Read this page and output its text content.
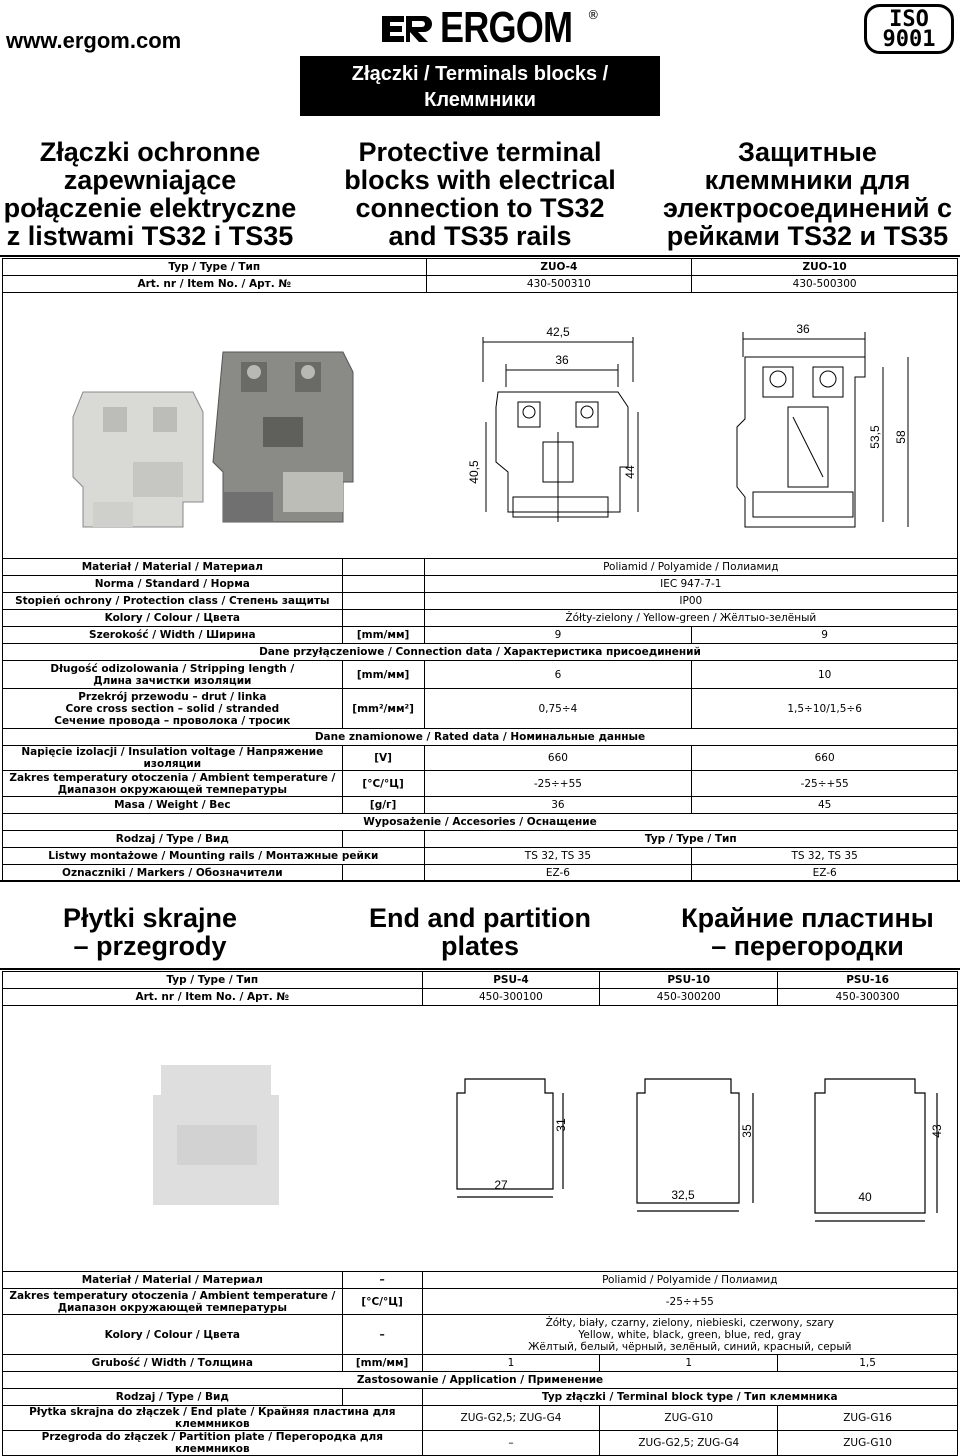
www.ergom.com	ERGOM ®	ISO
9001
Złączki / Terminals blocks /
Клеммники
Złączki ochronne
zapewniające
połączenie elektryczne
z listwami TS32 i TS35
Protective terminal
blocks with electrical
connection to TS32
and TS35 rails
Защитные
клеммники для
электросоединений с
рейками TS32 и TS35
Typ / Type / Тип	ZUO-4	ZUO-10
Art. nr / Item No. / Арт. №	430-500310	430-500300
42,5
36
40,5	44
36
53,5 58
Materiał / Material / Материал		Poliamid / Polyamide / Полиамид	
Norma / Standard / Норма		IEC 947-7-1	
Stopień ochrony / Protection class / Степень защиты		IP00	
Kolory / Colour / Цвета		Żółty-zielony / Yellow-green / Жёлтыо-зелёный	
Szerokość / Width / Ширина	[mm/мм]	9	9
Dane przyłączeniowe / Connection data / Характеристика присоединений			

Długość odizolowania / Stripping length /
Длина зачистки изоляции	[mm/мм]	6	10

Przekrój przewodu – drut / linka
Core cross section – solid / stranded
Сечение провода – проволока / тросик	[mm²/мм²]	0,75÷4	1,5÷10/1,5÷6
Dane znamionowe / Rated data / Номинальные данные			
Napięcie izolacji / Insulation voltage / Напряжение изоляции	[V]	660	660

Zakres temperatury otoczenia / Ambient temperature /
Диапазон окружающей температуры	[°C/°Ц]	-25÷+55	-25÷+55
Masa / Weight / Вес	[g/г]	36	45
Wyposażenie / Accesories / Оснащение			
Rodzaj / Type / Вид		Typ / Type / Тип	
Listwy montażowe / Mounting rails / Монтажные рейки		TS 32, TS 35	TS 32, TS 35
Oznaczniki / Markers / Обозначители		EZ-6	EZ-6
Płytki skrajne
– przegrody
End and partition
plates
Крайние пластины
– перегородки
Typ / Type / Тип	PSU-4	PSU-10	PSU-16
Art. nr / Item No. / Арт. №	450-300100	450-300200	450-300300
27
31
32,5
35
40
43
Materiał / Material / Материал	–	Poliamid / Polyamide / Полиамид		

Zakres temperatury otoczenia / Ambient temperature /
Диапазон окружающей температуры	[°C/°Ц]	-25÷+55		
Kolory / Colour / Цвета	–	Żółty, biały, czarny, zielony, niebieski, czerwony, szary
Yellow, white, black, green, blue, red, gray
Жёлтый, белый, чёрный, зелёный, синий, красный, серый		

Grubość / Width / Толщина	[mm/мм]	1	1	1,5
Zastosowanie / Application / Применение				
Rodzaj / Type / Вид		Typ złączki / Terminal block type / Тип клеммника		
Płytka skrajna do złączek / End plate / Крайняя пластина для клеммников		ZUG-G2,5; ZUG-G4	ZUG-G10	ZUG-G16
Przegroda do złączek / Partition plate / Перегородка для клеммников		–	ZUG-G2,5; ZUG-G4	ZUG-G10
